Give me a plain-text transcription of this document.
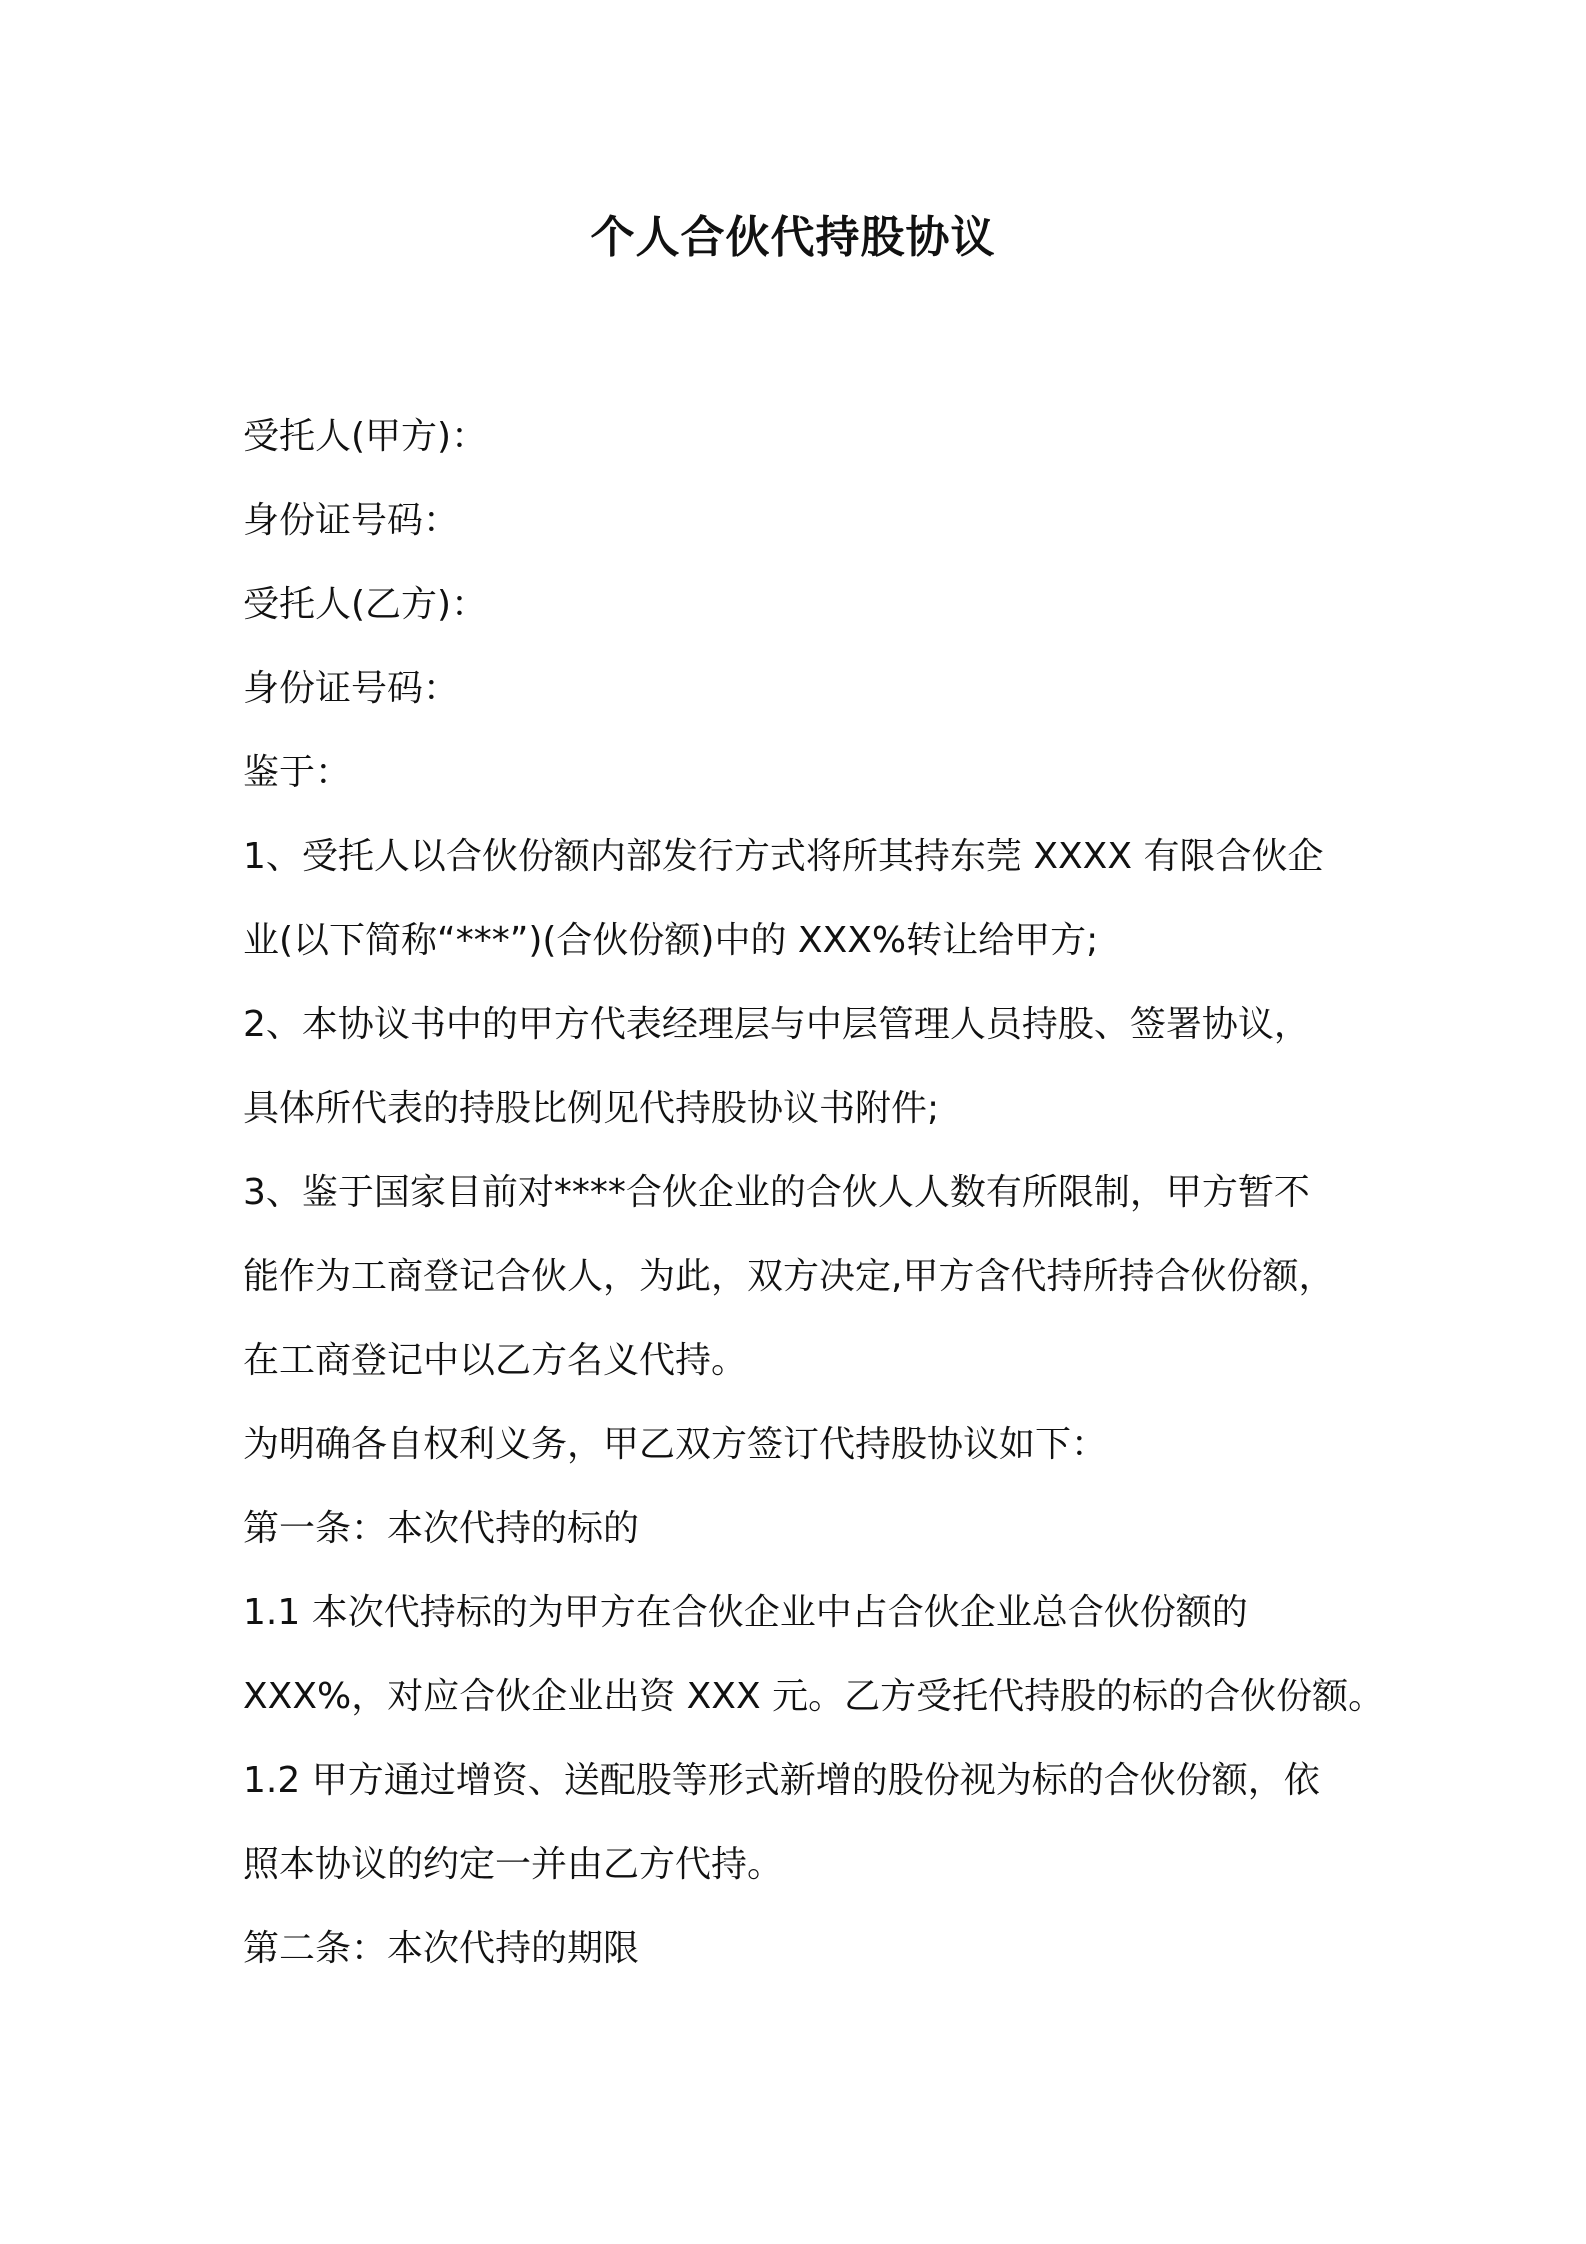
个人合伙代持股协议

受托人(甲方)：

身份证号码：

受托人(乙方)：

身份证号码：

鉴于：

1、受托人以合伙份额内部发行方式将所其持东莞 XXXX 有限合伙企

业(以下简称“***”)(合伙份额)中的 XXX%转让给甲方;

2、本协议书中的甲方代表经理层与中层管理人员持股、签署协议，

具体所代表的持股比例见代持股协议书附件;

3、鉴于国家目前对****合伙企业的合伙人人数有所限制，甲方暂不

能作为工商登记合伙人，为此，双方决定,甲方含代持所持合伙份额，

在工商登记中以乙方名义代持。

为明确各自权利义务，甲乙双方签订代持股协议如下：

第一条：本次代持的标的

1.1 本次代持标的为甲方在合伙企业中占合伙企业总合伙份额的

XXX%，对应合伙企业出资 XXX 元。乙方受托代持股的标的合伙份额。

1.2 甲方通过增资、送配股等形式新增的股份视为标的合伙份额，依

照本协议的约定一并由乙方代持。

第二条：本次代持的期限
